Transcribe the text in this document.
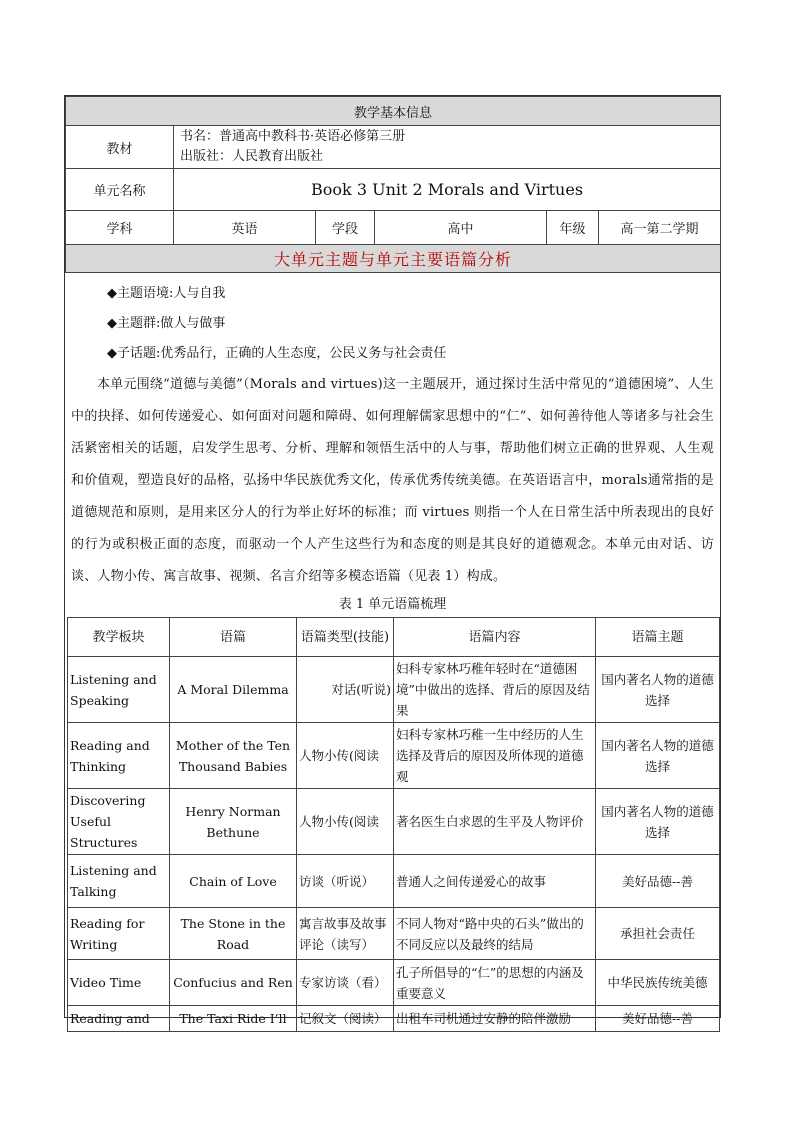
教学基本信息					
教材	书名：普通高中教科书·英语必修第三册
出版社：人民教育出版社				

单元名称	Book 3 Unit 2 Morals and Virtues				
学科	英语	学段	高中	年级	高一第二学期
大单元主题与单元主要语篇分析					
◆主题语境:人与自我
◆主题群:做人与做事
◆子话题:优秀品行，正确的人生态度，公民义务与社会责任

本单元围绕“道德与美德”（Morals and virtues)这一主题展开，通过探讨生活中常见的“道德困境”、人生中的抉择、如何传递爱心、如何面对问题和障碍、如何理解儒家思想中的“仁”、如何善待他人等诸多与社会生活紧密相关的话题，启发学生思考、分析、理解和领悟生活中的人与事，帮助他们树立正确的世界观、人生观和价值观，塑造良好的品格，弘扬中华民族优秀文化，传承优秀传统美德。在英语语言中，morals通常指的是道德规范和原则，是用来区分人的行为举止好坏的标准；而 virtues 则指一个人在日常生活中所表现出的良好的行为或积极正面的态度，而驱动一个人产生这些行为和态度的则是其良好的道德观念。本单元由对话、访谈、人物小传、寓言故事、视频、名言介绍等多模态语篇（见表 1）构成。

表 1 单元语篇梳理
教学板块	语篇	语篇类型(技能)	语篇内容	语篇主题
Listening and Speaking	A Moral Dilemma	对话(听说)	妇科专家林巧稚年轻时在“道德困境”中做出的选择、背后的原因及结果	国内著名人物的道德选择
Reading and Thinking	Mother of the Ten Thousand Babies	人物小传(阅读	妇科专家林巧稚一生中经历的人生选择及背后的原因及所体现的道德观	国内著名人物的道德选择
Discovering Useful Structures	Henry Norman Bethune	人物小传(阅读	著名医生白求恩的生平及人物评价	国内著名人物的道德选择
Listening and Talking	Chain of Love	访谈（听说）	普通人之间传递爱心的故事	美好品德--善
Reading for Writing	The Stone in the Road	寓言故事及故事评论（读写）	不同人物对“路中央的石头”做出的不同反应以及最终的结局	承担社会责任
Video Time	Confucius and Ren	专家访谈（看）	孔子所倡导的“仁”的思想的内涵及重要意义	中华民族传统美德
Reading and	The Taxi Ride I’ll	记叙文（阅读）	出租车司机通过安静的陪伴激励	美好品德--善
